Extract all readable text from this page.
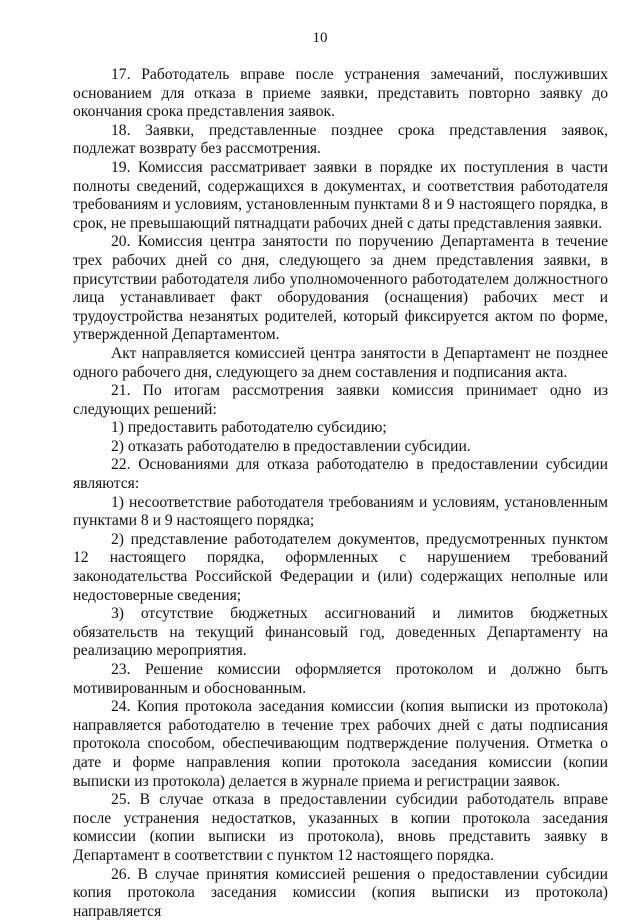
10

17. Работодатель вправе после устранения замечаний, послуживших основанием для отказа в приеме заявки, представить повторно заявку до окончания срока представления заявок.

18. Заявки, представленные позднее срока представления заявок, подлежат возврату без рассмотрения.

19. Комиссия рассматривает заявки в порядке их поступления в части полноты сведений, содержащихся в документах, и соответствия работодателя требованиям и условиям, установленным пунктами 8 и 9 настоящего порядка, в срок, не превышающий пятнадцати рабочих дней с даты представления заявки.

20. Комиссия центра занятости по поручению Департамента в течение трех рабочих дней со дня, следующего за днем представления заявки, в присутствии работодателя либо уполномоченного работодателем должностного лица устанавливает факт оборудования (оснащения) рабочих мест и трудоустройства незанятых родителей, который фиксируется актом по форме, утвержденной Департаментом.

Акт направляется комиссией центра занятости в Департамент не позднее одного рабочего дня, следующего за днем составления и подписания акта.

21. По итогам рассмотрения заявки комиссия принимает одно из следующих решений:

1) предоставить работодателю субсидию;

2) отказать работодателю в предоставлении субсидии.

22. Основаниями для отказа работодателю в предоставлении субсидии являются:

1) несоответствие работодателя требованиям и условиям, установленным пунктами 8 и 9 настоящего порядка;

2) представление работодателем документов, предусмотренных пунктом 12 настоящего порядка, оформленных с нарушением требований законодательства Российской Федерации и (или) содержащих неполные или недостоверные сведения;

3) отсутствие бюджетных ассигнований и лимитов бюджетных обязательств на текущий финансовый год, доведенных Департаменту на реализацию мероприятия.

23. Решение комиссии оформляется протоколом и должно быть мотивированным и обоснованным.

24. Копия протокола заседания комиссии (копия выписки из протокола) направляется работодателю в течение трех рабочих дней с даты подписания протокола способом, обеспечивающим подтверждение получения. Отметка о дате и форме направления копии протокола заседания комиссии (копии выписки из протокола) делается в журнале приема и регистрации заявок.

25. В случае отказа в предоставлении субсидии работодатель вправе после устранения недостатков, указанных в копии протокола заседания комиссии (копии выписки из протокола), вновь представить заявку в Департамент в соответствии с пунктом 12 настоящего порядка.

26. В случае принятия комиссией решения о предоставлении субсидии копия протокола заседания комиссии (копия выписки из протокола) направляется
